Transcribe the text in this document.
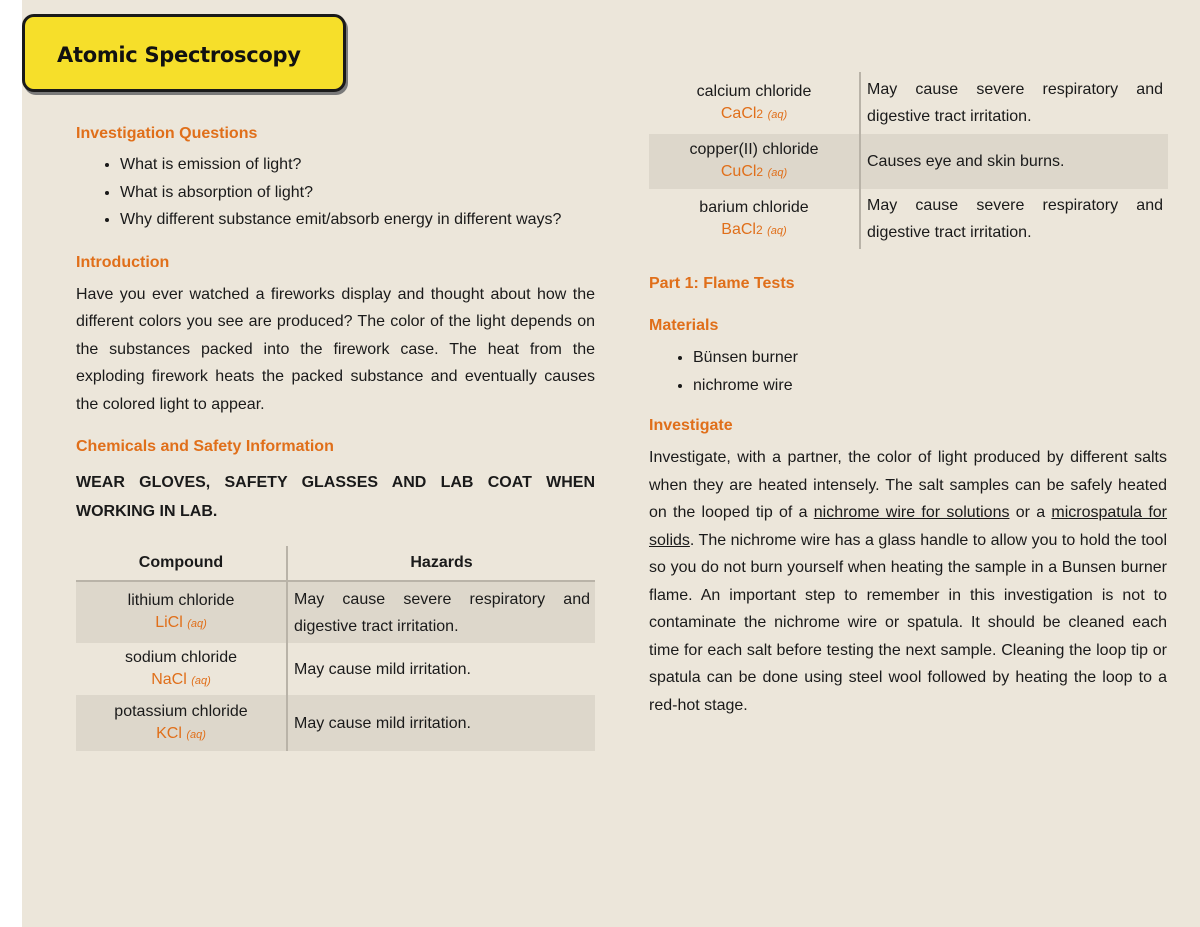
Atomic Spectroscopy

Investigation Questions

• What is emission of light?
• What is absorption of light?
• Why different substance emit/absorb energy in different ways?

Introduction

Have you ever watched a fireworks display and thought about how the different colors you see are produced? The color of the light depends on the substances packed into the firework case. The heat from the exploding firework heats the packed substance and eventually causes the colored light to appear.

Chemicals and Safety Information

WEAR GLOVES, SAFETY GLASSES AND LAB COAT WHEN WORKING IN LAB.

Compound	Hazards

lithium chloride
LiCl (aq)	May cause severe respiratory and digestive tract irritation.

sodium chloride
NaCl (aq)	May cause mild irritation.

potassium chloride
KCl (aq)	May cause mild irritation.
calcium chloride
CaCl2 (aq)	May cause severe respiratory and digestive tract irritation.

copper(II) chloride
CuCl2 (aq)	Causes eye and skin burns.

barium chloride
BaCl2 (aq)	May cause severe respiratory and digestive tract irritation.

Part 1: Flame Tests

Materials

• Bünsen burner
• nichrome wire

Investigate

Investigate, with a partner, the color of light produced by different salts when they are heated intensely. The salt samples can be safely heated on the looped tip of a nichrome wire for solutions or a microspatula for solids. The nichrome wire has a glass handle to allow you to hold the tool so you do not burn yourself when heating the sample in a Bunsen burner flame. An important step to remember in this investigation is not to contaminate the nichrome wire or spatula. It should be cleaned each time for each salt before testing the next sample. Cleaning the loop tip or spatula can be done using steel wool followed by heating the loop to a red-hot stage.
